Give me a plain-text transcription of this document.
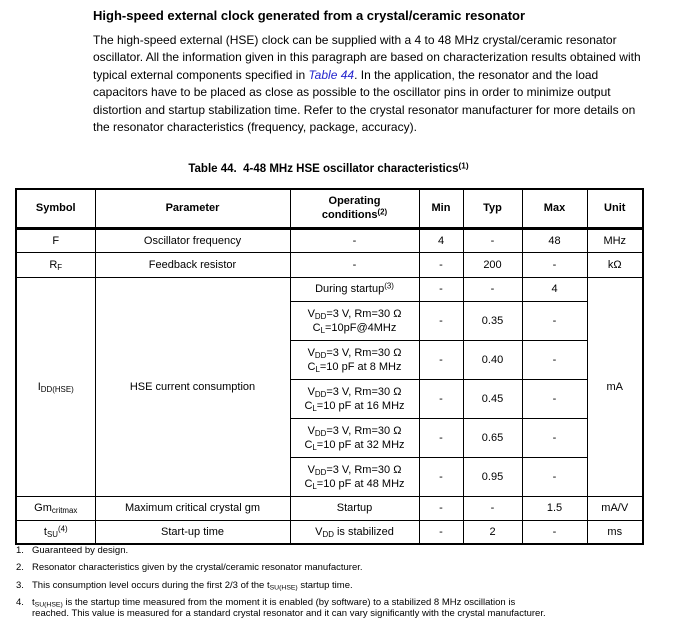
High-speed external clock generated from a crystal/ceramic resonator
The high-speed external (HSE) clock can be supplied with a 4 to 48 MHz crystal/ceramic resonator oscillator. All the information given in this paragraph are based on characterization results obtained with typical external components specified in Table 44. In the application, the resonator and the load capacitors have to be placed as close as possible to the oscillator pins in order to minimize output distortion and startup stabilization time. Refer to the crystal resonator manufacturer for more details on the resonator characteristics (frequency, package, accuracy).
Table 44.  4-48 MHz HSE oscillator characteristics$^{(1)}$
Symbol	Parameter	Operating
conditions$^{(2)}$	Min	Typ	Max	Unit
F	Oscillator frequency	-	4	-	48	MHz
$R_F$	Feedback resistor	-	-	200	-	kΩ
$I_{DD(HSE)}$	HSE current consumption	During startup$^{(3)}$	-	-	4	mA
		$V_{DD}=3$ V, Rm=30 Ω
$C_L=10pF@4MHz$	-	0.35	-	
		$V_{DD}=3$ V, Rm=30 Ω
$C_L=10$ pF at 8 MHz	-	0.40	-	
		$V_{DD}=3$ V, Rm=30 Ω
$C_L=10$ pF at 16 MHz	-	0.45	-	
		$V_{DD}=3$ V, Rm=30 Ω
$C_L=10$ pF at 32 MHz	-	0.65	-	
		$V_{DD}=3$ V, Rm=30 Ω
$C_L=10$ pF at 48 MHz	-	0.95	-	
$Gm_{critmax}$	Maximum critical crystal gm	Startup	-	-	1.5	mA/V
$t_{SU}^{(4)}$	Start-up time	$V_{DD}$ is stabilized	-	2	-	ms
1. Guaranteed by design.
2. Resonator characteristics given by the crystal/ceramic resonator manufacturer.
3. This consumption level occurs during the first 2/3 of the $t_{SU(HSE)}$ startup time.
4. $t_{SU(HSE)}$ is the startup time measured from the moment it is enabled (by software) to a stabilized 8 MHz oscillation is
reached. This value is measured for a standard crystal resonator and it can vary significantly with the crystal manufacturer.
